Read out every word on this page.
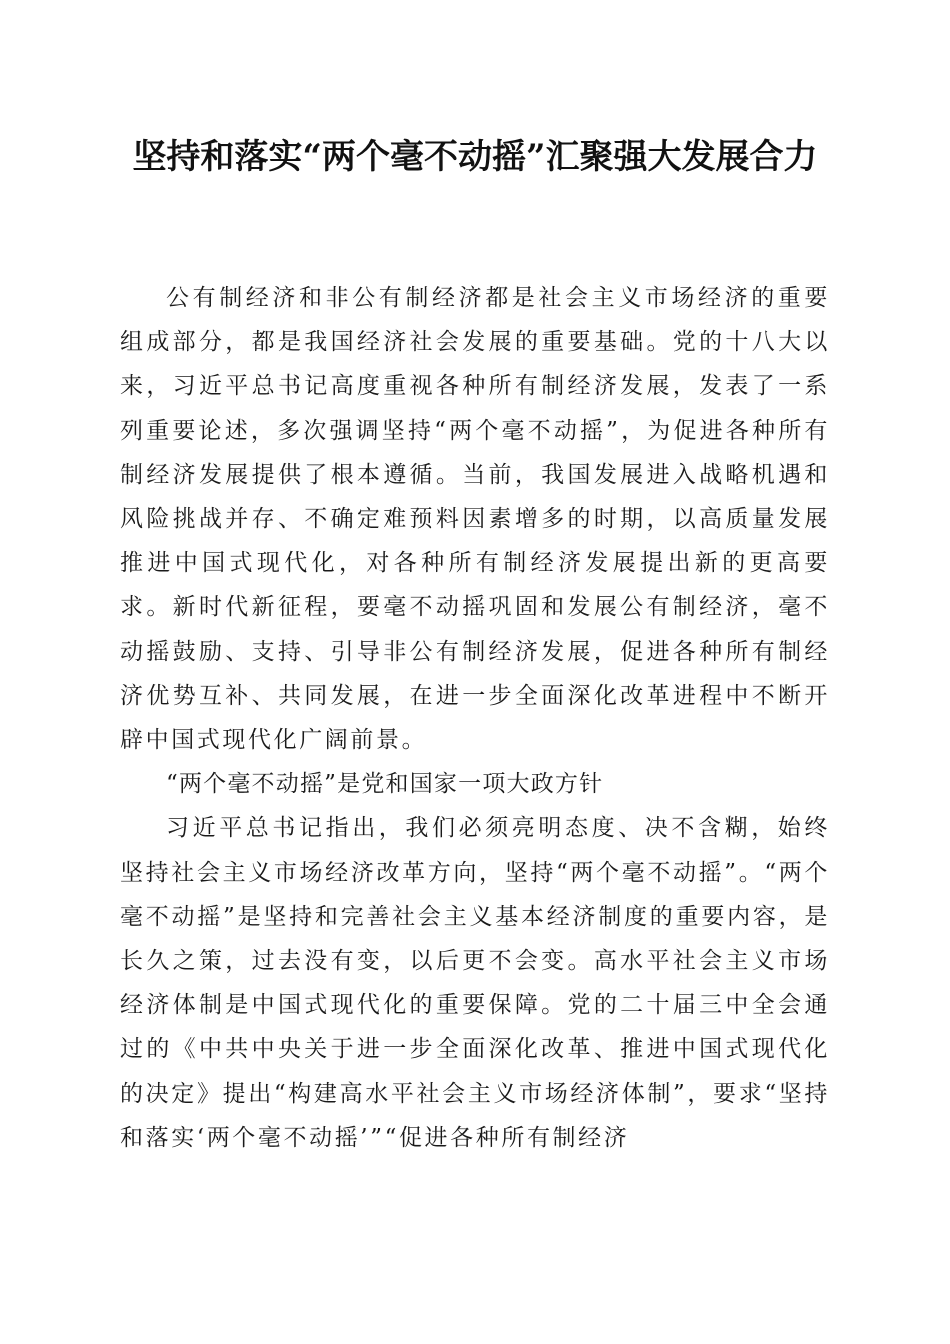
坚持和落实“两个毫不动摇”汇聚强大发展合力

公有制经济和非公有制经济都是社会主义市场经济的重要组成部分，都是我国经济社会发展的重要基础。党的十八大以来，习近平总书记高度重视各种所有制经济发展，发表了一系列重要论述，多次强调坚持“两个毫不动摇”，为促进各种所有制经济发展提供了根本遵循。当前，我国发展进入战略机遇和风险挑战并存、不确定难预料因素增多的时期，以高质量发展推进中国式现代化，对各种所有制经济发展提出新的更高要求。新时代新征程，要毫不动摇巩固和发展公有制经济，毫不动摇鼓励、支持、引导非公有制经济发展，促进各种所有制经济优势互补、共同发展，在进一步全面深化改革进程中不断开辟中国式现代化广阔前景。

“两个毫不动摇”是党和国家一项大政方针

习近平总书记指出，我们必须亮明态度、决不含糊，始终坚持社会主义市场经济改革方向，坚持“两个毫不动摇”。“两个毫不动摇”是坚持和完善社会主义基本经济制度的重要内容，是长久之策，过去没有变，以后更不会变。高水平社会主义市场经济体制是中国式现代化的重要保障。党的二十届三中全会通过的《中共中央关于进一步全面深化改革、推进中国式现代化的决定》提出“构建高水平社会主义市场经济体制”，要求“坚持和落实‘两个毫不动摇’”“促进各种所有制经济
